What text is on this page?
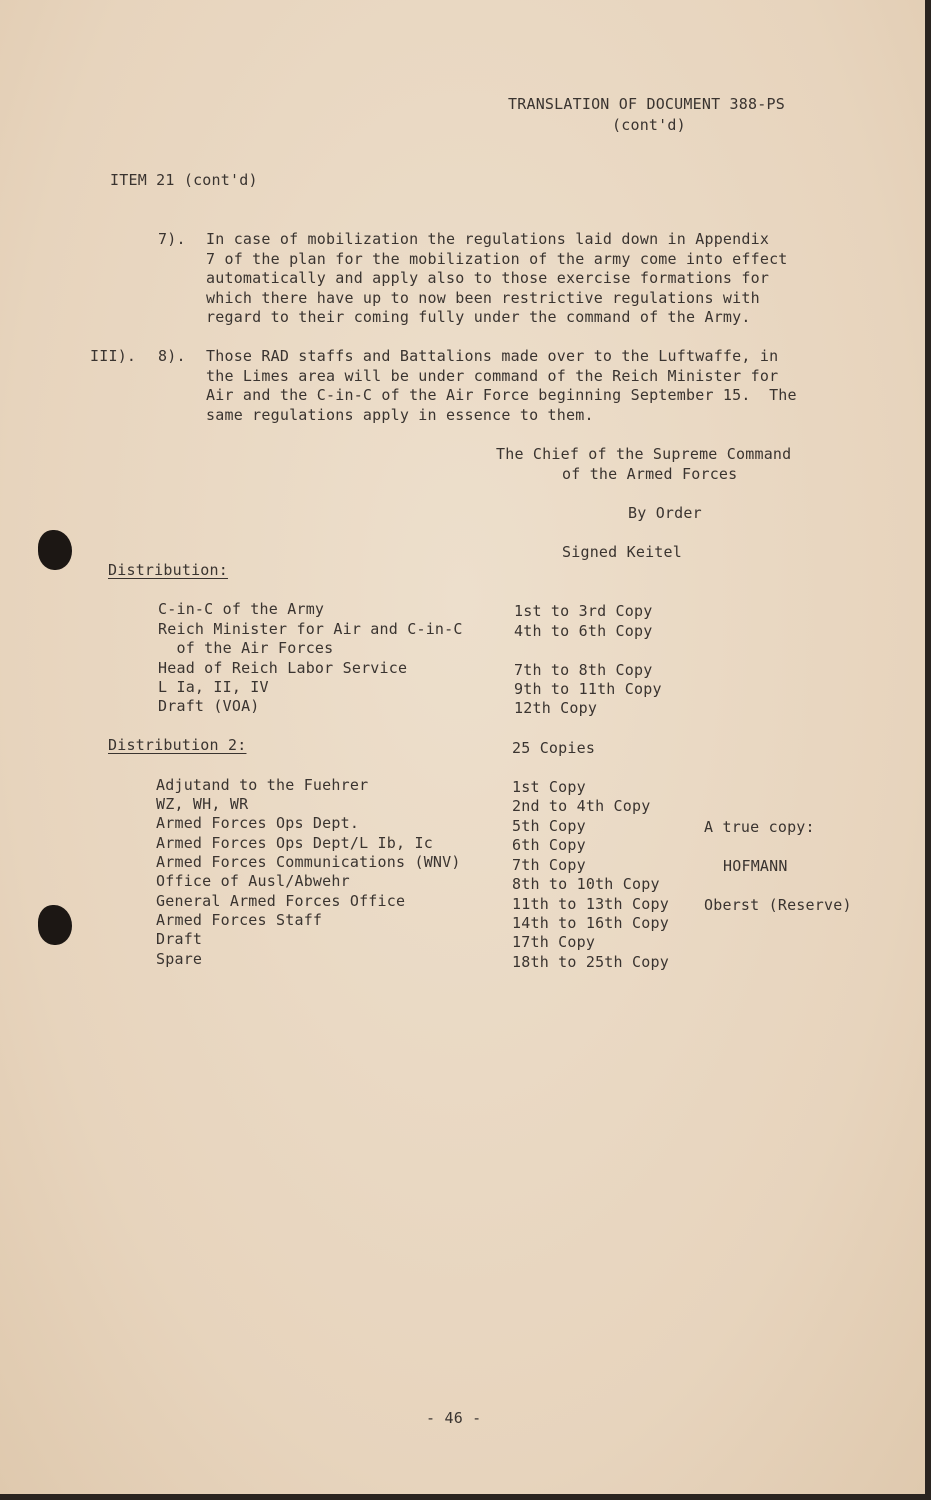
TRANSLATION OF DOCUMENT 388-PS
(cont'd)
ITEM 21 (cont'd)
7). In case of mobilization the regulations laid down in Appendix
7 of the plan for the mobilization of the army come into effect
automatically and apply also to those exercise formations for
which there have up to now been restrictive regulations with
regard to their coming fully under the command of the Army.
III). 8). Those RAD staffs and Battalions made over to the Luftwaffe, in
the Limes area will be under command of the Reich Minister for
Air and the C-in-C of the Air Force beginning September 15.  The
same regulations apply in essence to them.
The Chief of the Supreme Command
of the Armed Forces
By Order
Signed Keitel
Distribution:
C-in-C of the Army	1st to 3rd Copy
Reich Minister for Air and C-in-C	4th to 6th Copy
of the Air Forces
Head of Reich Labor Service	7th to 8th Copy
L Ia, II, IV	9th to 11th Copy
Draft (VOA)	12th Copy
Distribution 2:	25 Copies
Adjutand to the Fuehrer	1st Copy
WZ, WH, WR	2nd to 4th Copy
Armed Forces Ops Dept.	5th Copy
Armed Forces Ops Dept/L Ib, Ic	6th Copy
Armed Forces Communications (WNV)	7th Copy
Office of Ausl/Abwehr	8th to 10th Copy
General Armed Forces Office	11th to 13th Copy
Armed Forces Staff	14th to 16th Copy
Draft	17th Copy
Spare	18th to 25th Copy
A true copy:
HOFMANN
Oberst (Reserve)
- 46 -
